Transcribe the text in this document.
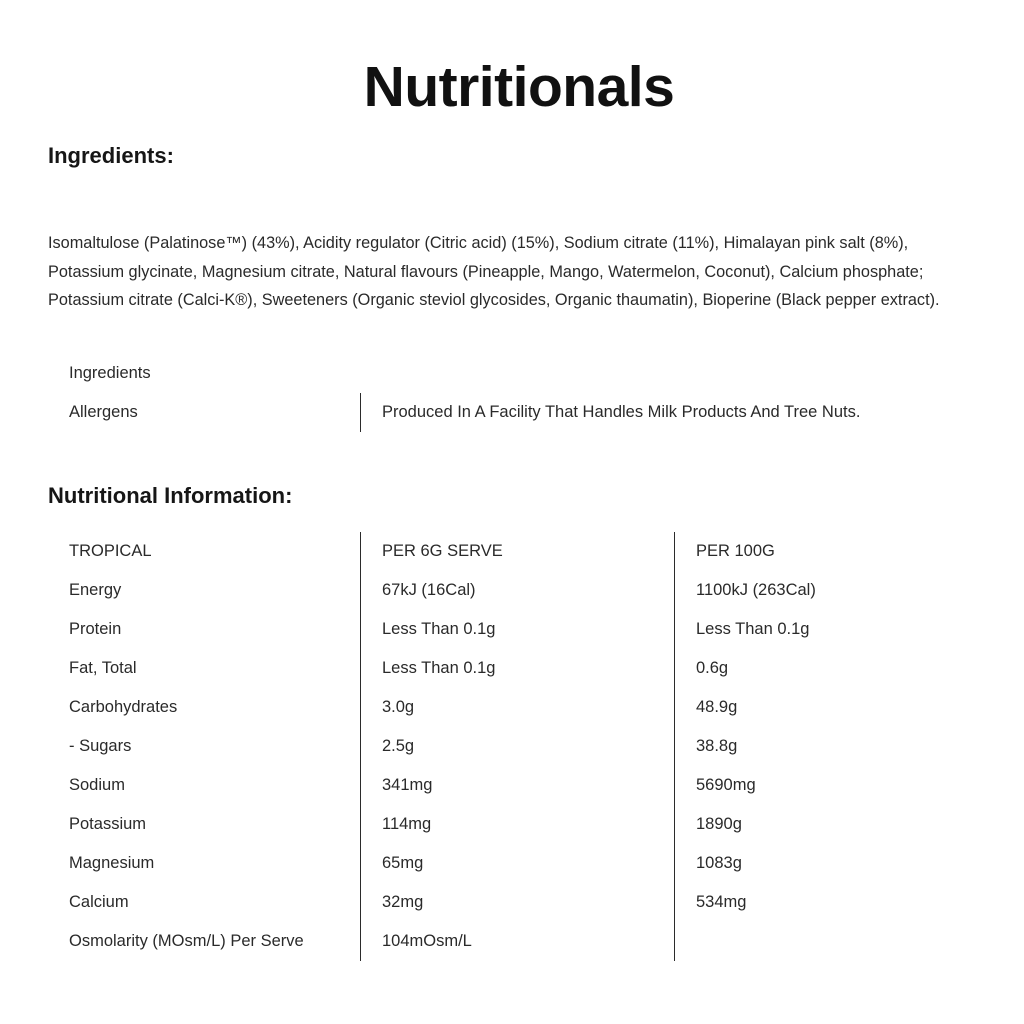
Nutritionals
Ingredients:

Isomaltulose (Palatinose™) (43%), Acidity regulator (Citric acid) (15%), Sodium citrate (11%), Himalayan pink salt (8%), Potassium glycinate, Magnesium citrate, Natural flavours (Pineapple, Mango, Watermelon, Coconut), Calcium phosphate; Potassium citrate (Calci-K®), Sweeteners (Organic steviol glycosides, Organic thaumatin), Bioperine (Black pepper extract).

Ingredients
Allergens	Produced In A Facility That Handles Milk Products And Tree Nuts.
Nutritional Information:
TROPICAL	PER 6G SERVE	PER 100G
Energy	67kJ (16Cal)	1100kJ (263Cal)
Protein	Less Than 0.1g	Less Than 0.1g
Fat, Total	Less Than 0.1g	0.6g
Carbohydrates	3.0g	48.9g
- Sugars	2.5g	38.8g
Sodium	341mg	5690mg
Potassium	114mg	1890g
Magnesium	65mg	1083g
Calcium	32mg	534mg
Osmolarity (MOsm/L) Per Serve	104mOsm/L
